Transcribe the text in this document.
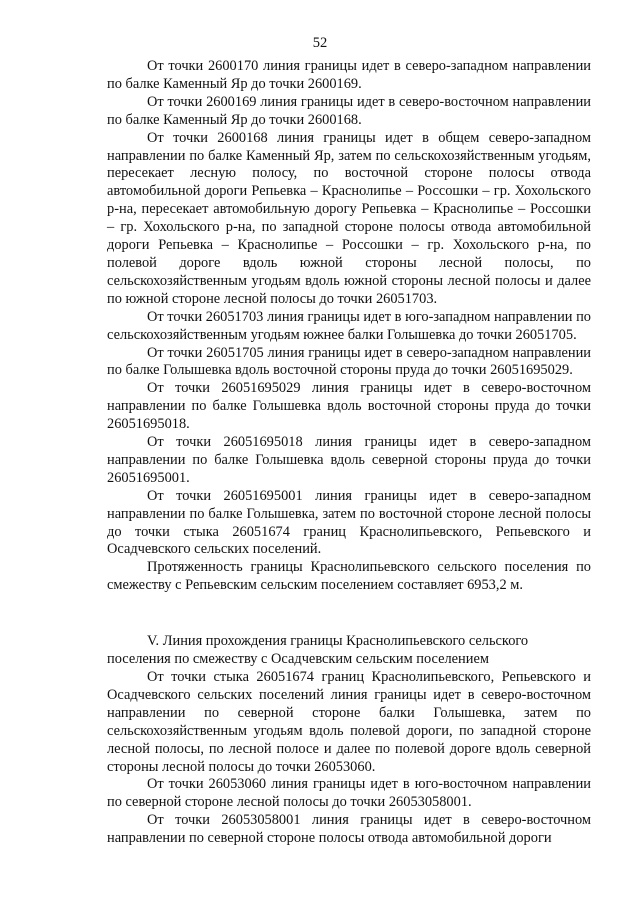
52

От точки 2600170 линия границы идет в северо-западном направлении по балке Каменный Яр до точки 2600169.

От точки 2600169 линия границы идет в северо-восточном направлении по балке Каменный Яр до точки 2600168.

От точки 2600168 линия границы идет в общем северо-западном направлении по балке Каменный Яр, затем по сельскохозяйственным угодьям, пересекает лесную полосу, по восточной стороне полосы отвода автомобильной дороги Репьевка – Краснолипье – Россошки – гр. Хохольского р-на, пересекает автомобильную дорогу Репьевка – Краснолипье – Россошки – гр. Хохольского р-на, по западной стороне полосы отвода автомобильной дороги Репьевка – Краснолипье – Россошки – гр. Хохольского р-на, по полевой дороге вдоль южной стороны лесной полосы, по сельскохозяйственным угодьям вдоль южной стороны лесной полосы и далее по южной стороне лесной полосы до точки 26051703.

От точки 26051703 линия границы идет в юго-западном направлении по сельскохозяйственным угодьям южнее балки Голышевка до точки 26051705.

От точки 26051705 линия границы идет в северо-западном направлении по балке Голышевка вдоль восточной стороны пруда до точки 26051695029.

От точки 26051695029 линия границы идет в северо-восточном направлении по балке Голышевка вдоль восточной стороны пруда до точки 26051695018.

От точки 26051695018 линия границы идет в северо-западном направлении по балке Голышевка вдоль северной стороны пруда до точки 26051695001.

От точки 26051695001 линия границы идет в северо-западном направлении по балке Голышевка, затем по восточной стороне лесной полосы до точки стыка 26051674 границ Краснолипьевского, Репьевского и Осадчевского сельских поселений.

Протяженность границы Краснолипьевского сельского поселения по смежеству с Репьевским сельским поселением составляет 6953,2 м.

V. Линия прохождения границы Краснолипьевского сельского поселения по смежеству с Осадчевским сельским поселением

От точки стыка 26051674 границ Краснолипьевского, Репьевского и Осадчевского сельских поселений линия границы идет в северо-восточном направлении по северной стороне балки Голышевка, затем по сельскохозяйственным угодьям вдоль полевой дороги, по западной стороне лесной полосы, по лесной полосе и далее по полевой дороге вдоль северной стороны лесной полосы до точки 26053060.

От точки 26053060 линия границы идет в юго-восточном направлении по северной стороне лесной полосы до точки 26053058001.

От точки 26053058001 линия границы идет в северо-восточном направлении по северной стороне полосы отвода автомобильной дороги
